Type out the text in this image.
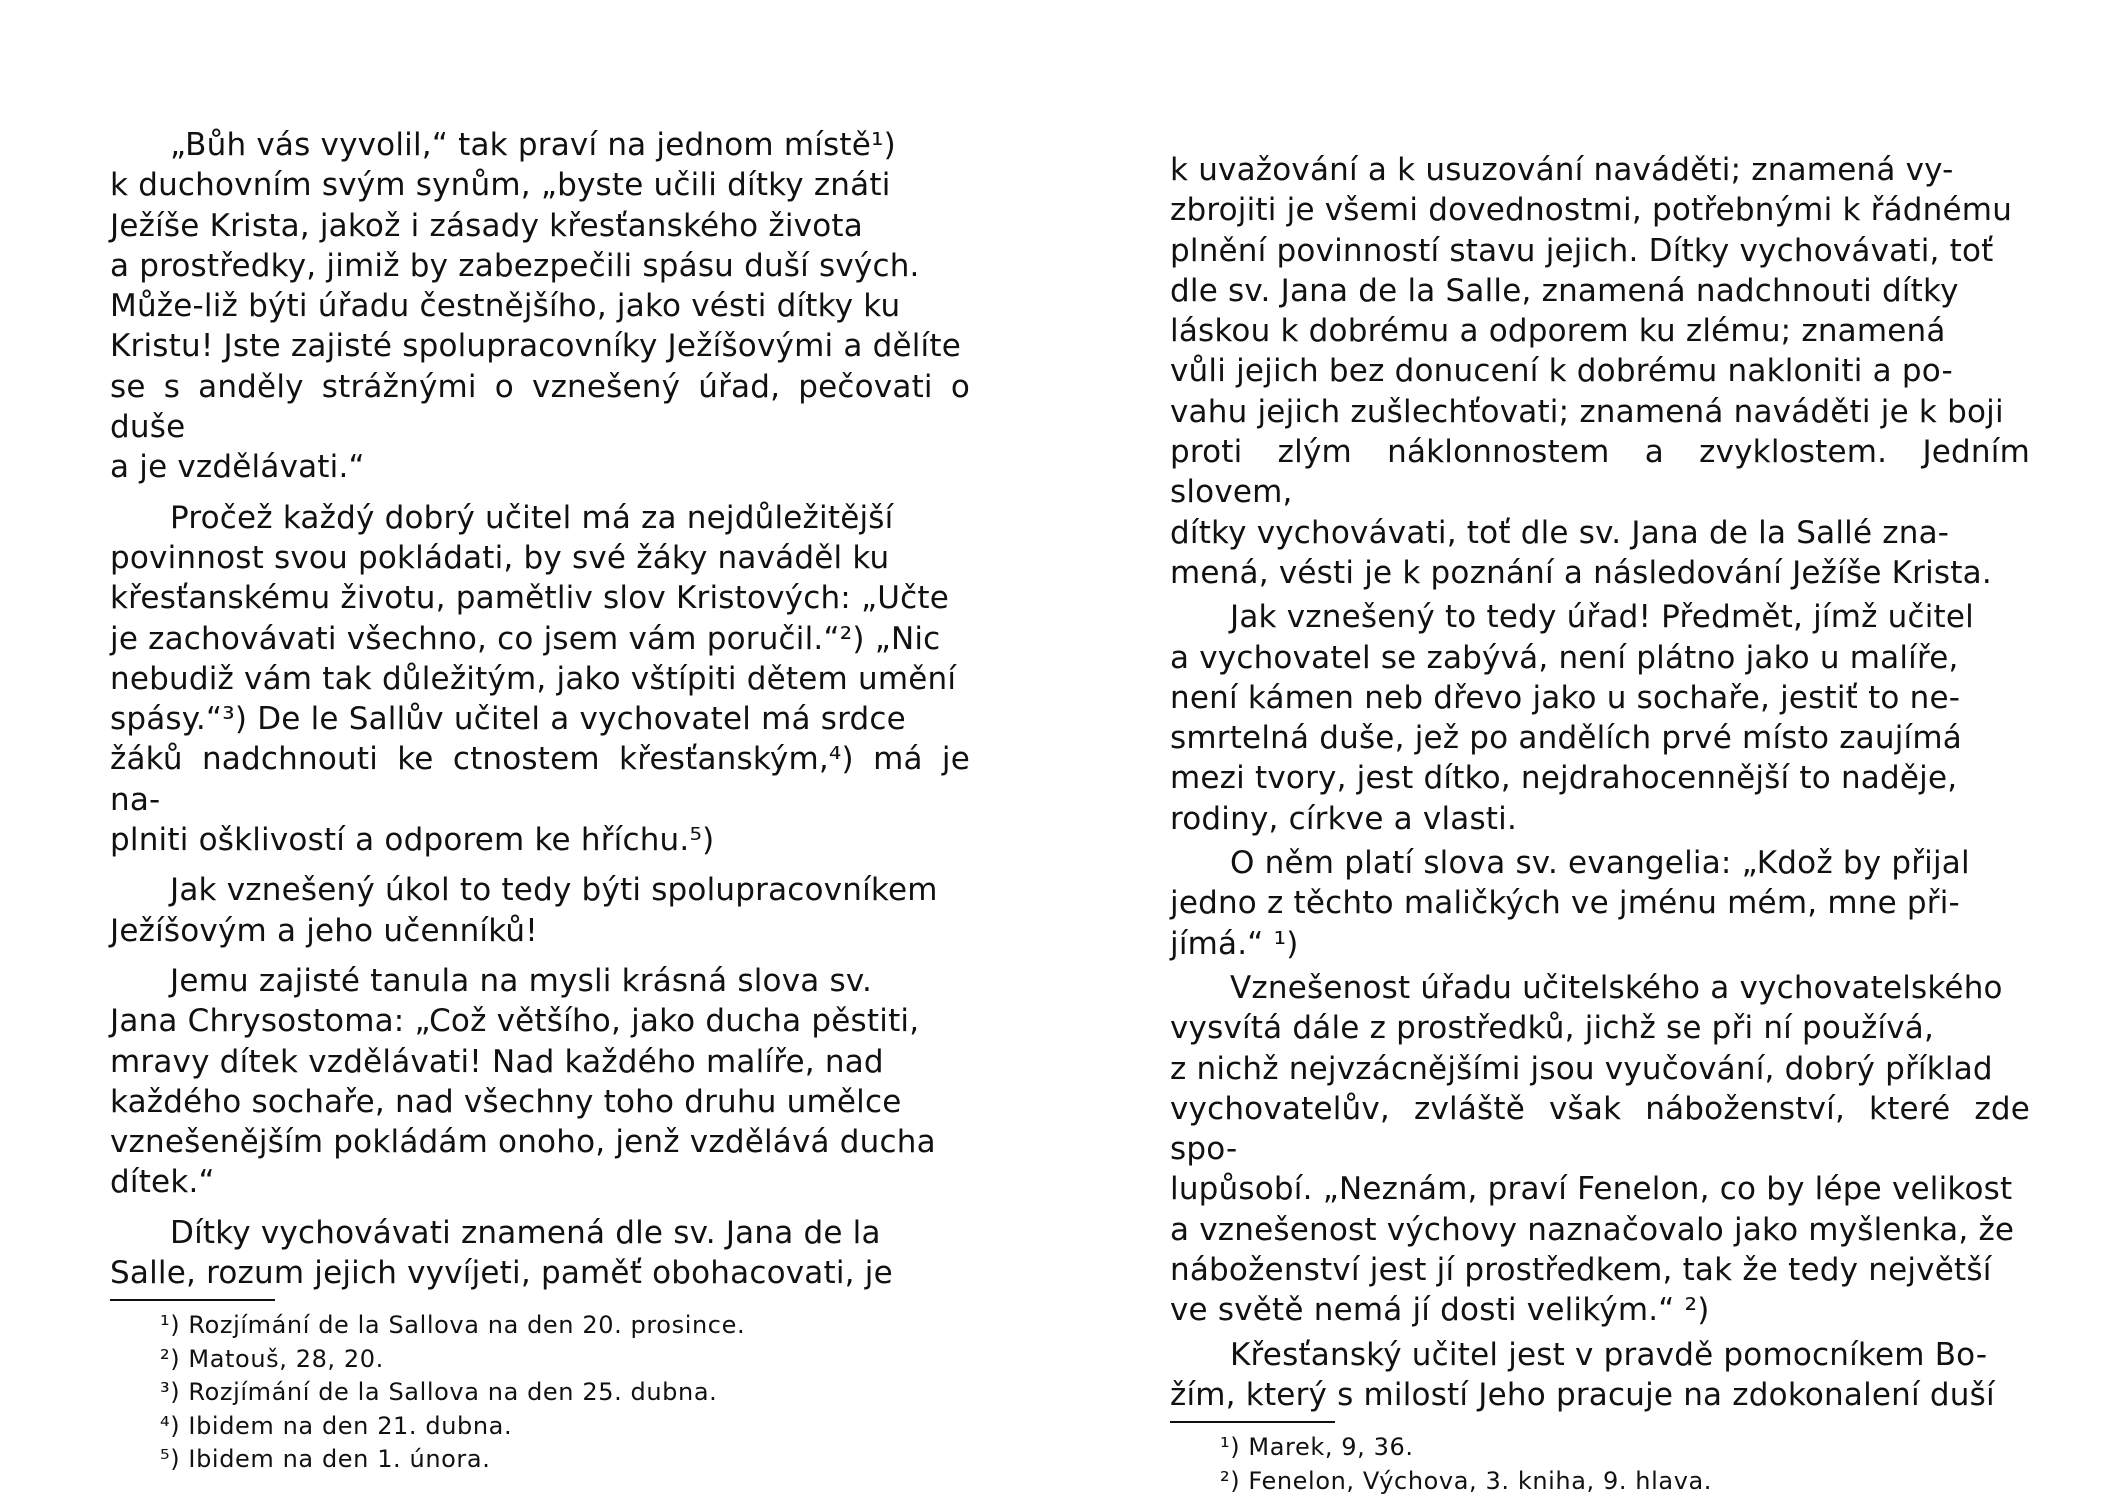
„Bůh vás vyvolil,“ tak praví na jednom místě¹)
k duchovním svým synům, „byste učili dítky znáti
Ježíše Krista, jakož i zásady křesťanského života
a prostředky, jimiž by zabezpečili spásu duší svých.
Může-liž býti úřadu čestnějšího, jako vésti dítky ku
Kristu! Jste zajisté spolupracovníky Ježíšovými a dělíte
se s anděly strážnými o vznešený úřad, pečovati o duše
a je vzdělávati.“

Pročež každý dobrý učitel má za nejdůležitější
povinnost svou pokládati, by své žáky naváděl ku
křesťanskému životu, pamětliv slov Kristových: „Učte
je zachovávati všechno, co jsem vám poručil.“²) „Nic
nebudiž vám tak důležitým, jako vštípiti dětem umění
spásy.“³) De le Sallův učitel a vychovatel má srdce
žáků nadchnouti ke ctnostem křesťanským,⁴) má je na-
plniti ošklivostí a odporem ke hříchu.⁵)

Jak vznešený úkol to tedy býti spolupracovníkem
Ježíšovým a jeho učenníků!

Jemu zajisté tanula na mysli krásná slova sv.
Jana Chrysostoma: „Což většího, jako ducha pěstiti,
mravy dítek vzdělávati! Nad každého malíře, nad
každého sochaře, nad všechny toho druhu umělce
vznešenějším pokládám onoho, jenž vzdělává ducha
dítek.“

Dítky vychovávati znamená dle sv. Jana de la
Salle, rozum jejich vyvíjeti, paměť obohacovati, je

¹) Rozjímání de la Sallova na den 20. prosince.

²) Matouš, 28, 20.

³) Rozjímání de la Sallova na den 25. dubna.

⁴) Ibidem na den 21. dubna.

⁵) Ibidem na den 1. února.

k uvažování a k usuzování naváděti; znamená vy-
zbrojiti je všemi dovednostmi, potřebnými k řádnému
plnění povinností stavu jejich. Dítky vychovávati, toť
dle sv. Jana de la Salle, znamená nadchnouti dítky
láskou k dobrému a odporem ku zlému; znamená
vůli jejich bez donucení k dobrému nakloniti a po-
vahu jejich zušlechťovati; znamená naváděti je k boji
proti zlým náklonnostem a zvyklostem. Jedním slovem,
dítky vychovávati, toť dle sv. Jana de la Sallé zna-
mená, vésti je k poznání a následování Ježíše Krista.

Jak vznešený to tedy úřad! Předmět, jímž učitel
a vychovatel se zabývá, není plátno jako u malíře,
není kámen neb dřevo jako u sochaře, jestiť to ne-
smrtelná duše, jež po andělích prvé místo zaujímá
mezi tvory, jest dítko, nejdrahocennější to naděje,
rodiny, církve a vlasti.

O něm platí slova sv. evangelia: „Kdož by přijal
jedno z těchto maličkých ve jménu mém, mne při-
jímá.“ ¹)

Vznešenost úřadu učitelského a vychovatelského
vysvítá dále z prostředků, jichž se při ní používá,
z nichž nejvzácnějšími jsou vyučování, dobrý příklad
vychovatelův, zvláště však náboženství, které zde spo-
lupůsobí. „Neznám, praví Fenelon, co by lépe velikost
a vznešenost výchovy naznačovalo jako myšlenka, že
náboženství jest jí prostředkem, tak že tedy největší
ve světě nemá jí dosti velikým.“ ²)

Křesťanský učitel jest v pravdě pomocníkem Bo-
žím, který s milostí Jeho pracuje na zdokonalení duší

¹) Marek, 9, 36.

²) Fenelon, Výchova, 3. kniha, 9. hlava.
